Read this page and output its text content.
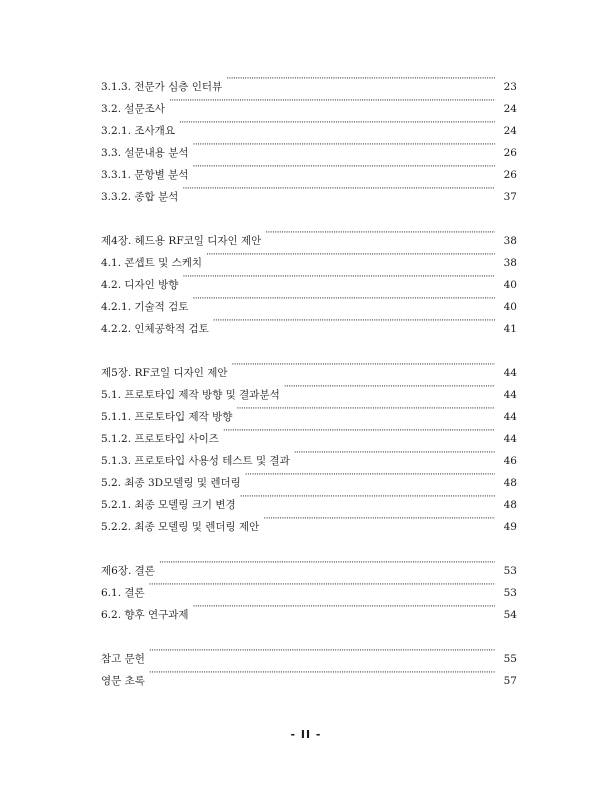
3.1.3. 전문가 심층 인터뷰 ·····	23
3.2. 설문조사 ·····	24
3.2.1. 조사개요 ·····	24
3.3. 설문내용 분석 ·····	26
3.3.1. 문항별 분석 ·····	26
3.3.2. 종합 분석 ·····	37
제4장. 헤드용 RF코일 디자인 제안 ·····	38
4.1. 콘셉트 및 스케치 ·····	38
4.2. 디자인 방향 ·····	40
4.2.1. 기술적 검토 ·····	40
4.2.2. 인체공학적 검토 ·····	41
제5장. RF코일 디자인 제안 ·····	44
5.1. 프로토타입 제작 방향 및 결과분석 ·····	44
5.1.1. 프로토타입 제작 방향 ·····	44
5.1.2. 프로토타입 사이즈 ·····	44
5.1.3. 프로토타입 사용성 테스트 및 결과 ·····	46
5.2. 최종 3D모델링 및 렌더링 ·····	48
5.2.1. 최종 모델링 크기 변경 ·····	48
5.2.2. 최종 모델링 및 렌더링 제안 ·····	49
제6장. 결론 ·····	53
6.1. 결론 ·····	53
6.2. 향후 연구과제 ·····	54
참고 문헌 ·····	55
영문 초록 ·····	57
- II -
